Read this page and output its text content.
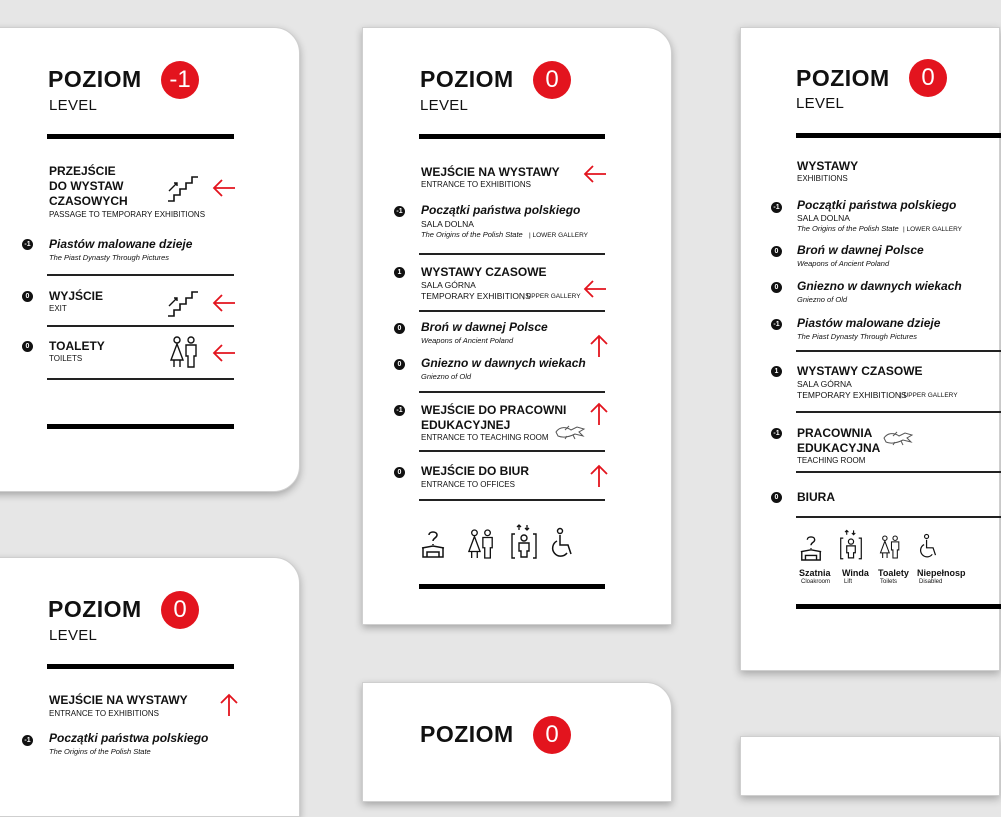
POZIOM	-1
LEVEL
PRZEJŚCIE
DO WYSTAW
CZASOWYCH
PASSAGE TO TEMPORARY EXHIBITIONS
-1 Piastów malowane dzieje
The Piast Dynasty Through Pictures
0 WYJŚCIE
EXIT
0 TOALETY
TOILETS
POZIOM	0
LEVEL
WEJŚCIE NA WYSTAWY
ENTRANCE TO EXHIBITIONS
-1 Początki państwa polskiego
SALA DOLNA
The Origins of the Polish State | LOWER GALLERY
1 WYSTAWY CZASOWE
SALA GÓRNA
TEMPORARY EXHIBITIONS
| UPPER GALLERY
0 Broń w dawnej Polsce
Weapons of Ancient Poland
0 Gniezno w dawnych wiekach
Gniezno of Old
-1 WEJŚCIE DO PRACOWNI
EDUKACYJNEJ
ENTRANCE TO TEACHING ROOM
0 WEJŚCIE DO BIUR
ENTRANCE TO OFFICES
POZIOM	0
LEVEL
WYSTAWY
EXHIBITIONS
-1 Początki państwa polskiego
SALA DOLNA
The Origins of the Polish State | LOWER GALLERY
0 Broń w dawnej Polsce
Weapons of Ancient Poland
0 Gniezno w dawnych wiekach
Gniezno of Old
-1 Piastów malowane dzieje
The Piast Dynasty Through Pictures
1 WYSTAWY CZASOWE
SALA GÓRNA
TEMPORARY EXHIBITIONS
| UPPER GALLERY
-1 PRACOWNIA
EDUKACYJNA
TEACHING ROOM
0 BIURA
Szatnia
Cloakroom
Winda
Lift
Toalety
Toilets
Niepełnosp
Disabled
POZIOM	0
LEVEL
WEJŚCIE NA WYSTAWY
ENTRANCE TO EXHIBITIONS
-1 Początki państwa polskiego
The Origins of the Polish State
POZIOM	0
